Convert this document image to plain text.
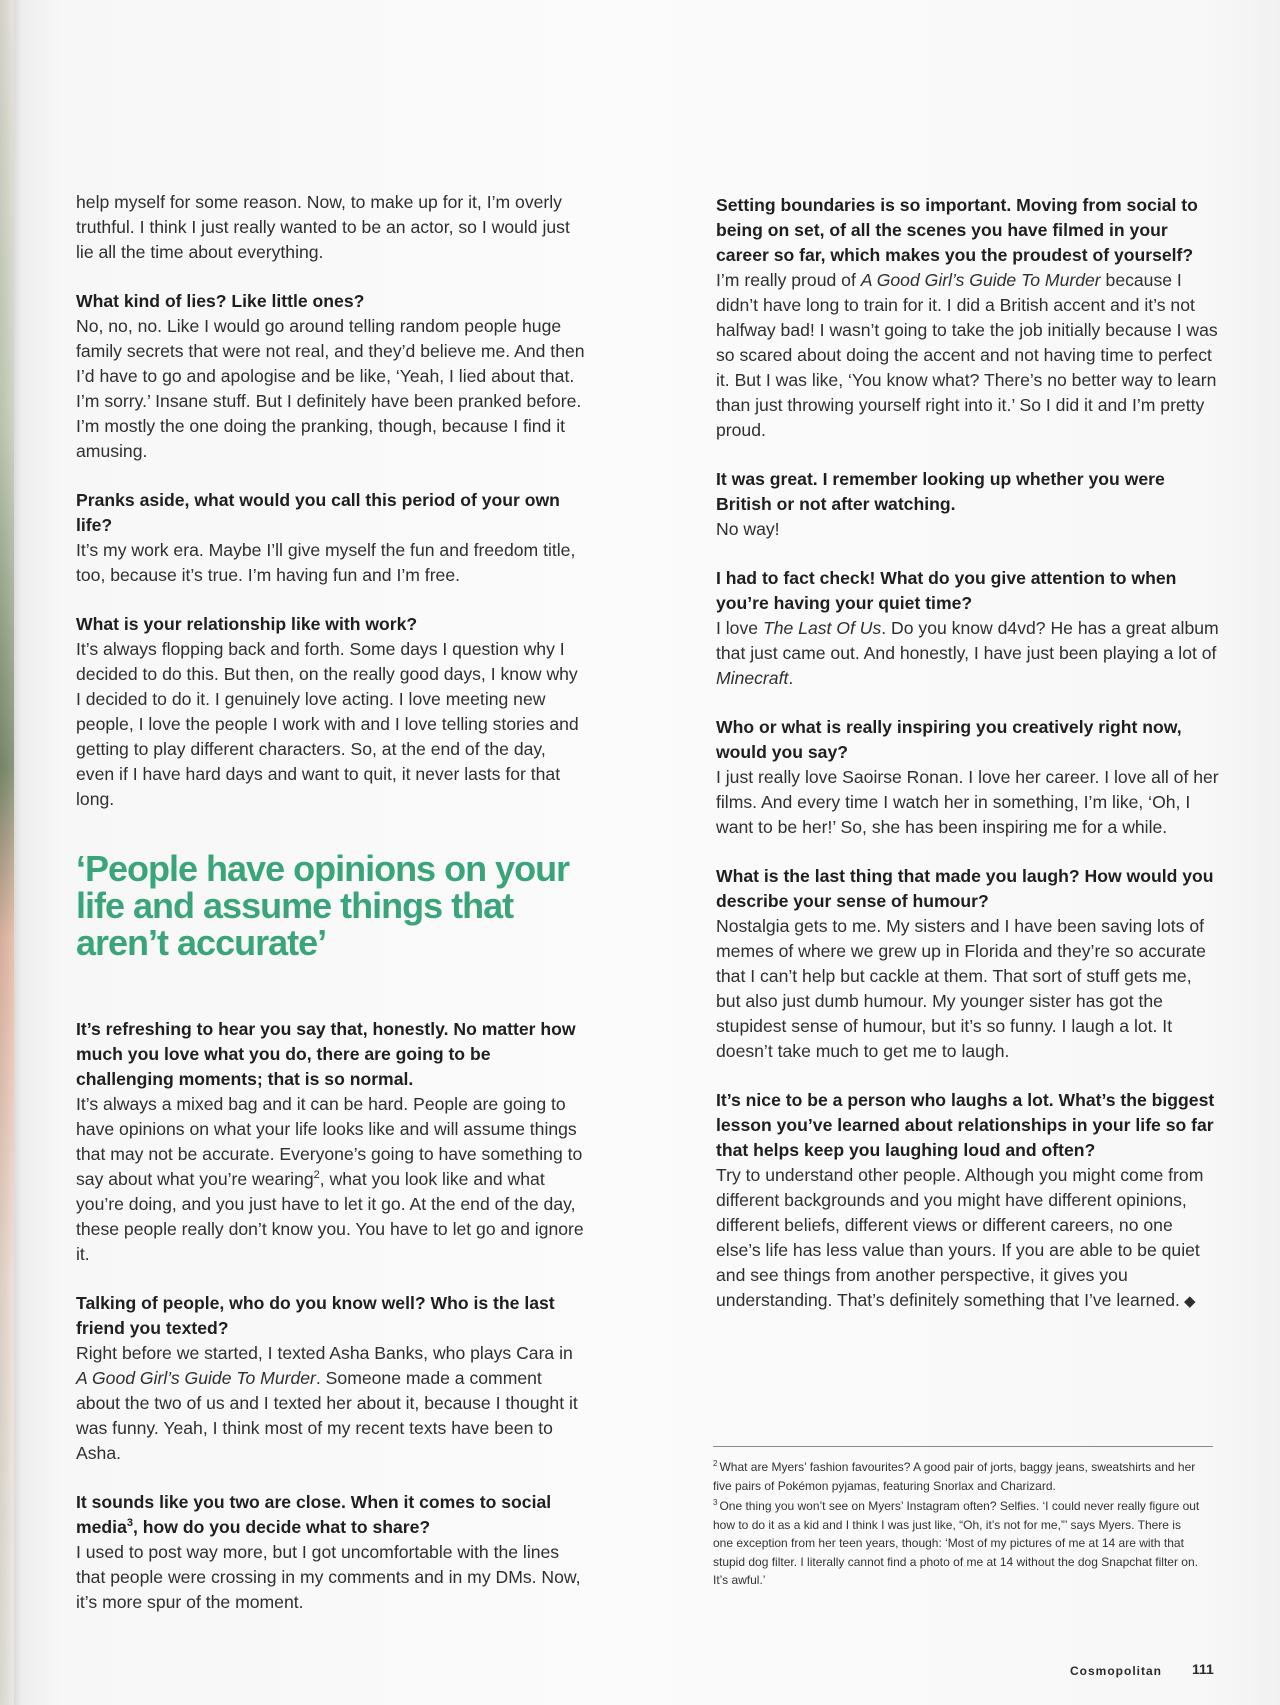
help myself for some reason. Now, to make up for it, I’m overly truthful. I think I just really wanted to be an actor, so I would just lie all the time about everything.
What kind of lies? Like little ones?
No, no, no. Like I would go around telling random people huge family secrets that were not real, and they’d believe me. And then I’d have to go and apologise and be like, ‘Yeah, I lied about that. I’m sorry.’ Insane stuff. But I definitely have been pranked before. I’m mostly the one doing the pranking, though, because I find it amusing.
Pranks aside, what would you call this period of your own life?
It’s my work era. Maybe I’ll give myself the fun and freedom title, too, because it’s true. I’m having fun and I’m free.
What is your relationship like with work?
It’s always flopping back and forth. Some days I question why I decided to do this. But then, on the really good days, I know why I decided to do it. I genuinely love acting. I love meeting new people, I love the people I work with and I love telling stories and getting to play different characters. So, at the end of the day, even if I have hard days and want to quit, it never lasts for that long.
‘People have opinions on your life and assume things that aren’t accurate’
It’s refreshing to hear you say that, honestly. No matter how much you love what you do, there are going to be challenging moments; that is so normal.
It’s always a mixed bag and it can be hard. People are going to have opinions on what your life looks like and will assume things that may not be accurate. Everyone’s going to have something to say about what you’re wearing$^2$, what you look like and what you’re doing, and you just have to let it go. At the end of the day, these people really don’t know you. You have to let go and ignore it.
Talking of people, who do you know well? Who is the last friend you texted?
Right before we started, I texted Asha Banks, who plays Cara in A Good Girl’s Guide To Murder. Someone made a comment about the two of us and I texted her about it, because I thought it was funny. Yeah, I think most of my recent texts have been to Asha.
It sounds like you two are close. When it comes to social media$^3$, how do you decide what to share?
I used to post way more, but I got uncomfortable with the lines that people were crossing in my comments and in my DMs. Now, it’s more spur of the moment.
Setting boundaries is so important. Moving from social to being on set, of all the scenes you have filmed in your career so far, which makes you the proudest of yourself?
I’m really proud of A Good Girl’s Guide To Murder because I didn’t have long to train for it. I did a British accent and it’s not halfway bad! I wasn’t going to take the job initially because I was so scared about doing the accent and not having time to perfect it. But I was like, ‘You know what? There’s no better way to learn than just throwing yourself right into it.’ So I did it and I’m pretty proud.
It was great. I remember looking up whether you were British or not after watching.
No way!
I had to fact check! What do you give attention to when you’re having your quiet time?
I love The Last Of Us. Do you know d4vd? He has a great album that just came out. And honestly, I have just been playing a lot of Minecraft.
Who or what is really inspiring you creatively right now, would you say?
I just really love Saoirse Ronan. I love her career. I love all of her films. And every time I watch her in something, I’m like, ‘Oh, I want to be her!’ So, she has been inspiring me for a while.
What is the last thing that made you laugh? How would you describe your sense of humour?
Nostalgia gets to me. My sisters and I have been saving lots of memes of where we grew up in Florida and they’re so accurate that I can’t help but cackle at them. That sort of stuff gets me, but also just dumb humour. My younger sister has got the stupidest sense of humour, but it’s so funny. I laugh a lot. It doesn’t take much to get me to laugh.
It’s nice to be a person who laughs a lot. What’s the biggest lesson you’ve learned about relationships in your life so far that helps keep you laughing loud and often?
Try to understand other people. Although you might come from different backgrounds and you might have different opinions, different beliefs, different views or different careers, no one else’s life has less value than yours. If you are able to be quiet and see things from another perspective, it gives you understanding. That’s definitely something that I’ve learned. ◆
$^2$ What are Myers’ fashion favourites? A good pair of jorts, baggy jeans, sweatshirts and her five pairs of Pokémon pyjamas, featuring Snorlax and Charizard.
$^3$ One thing you won’t see on Myers’ Instagram often? Selfies. ‘I could never really figure out how to do it as a kid and I think I was just like, “Oh, it’s not for me,”’ says Myers. There is one exception from her teen years, though: ‘Most of my pictures of me at 14 are with that stupid dog filter. I literally cannot find a photo of me at 14 without the dog Snapchat filter on. It’s awful.’
Cosmopolitan 111
